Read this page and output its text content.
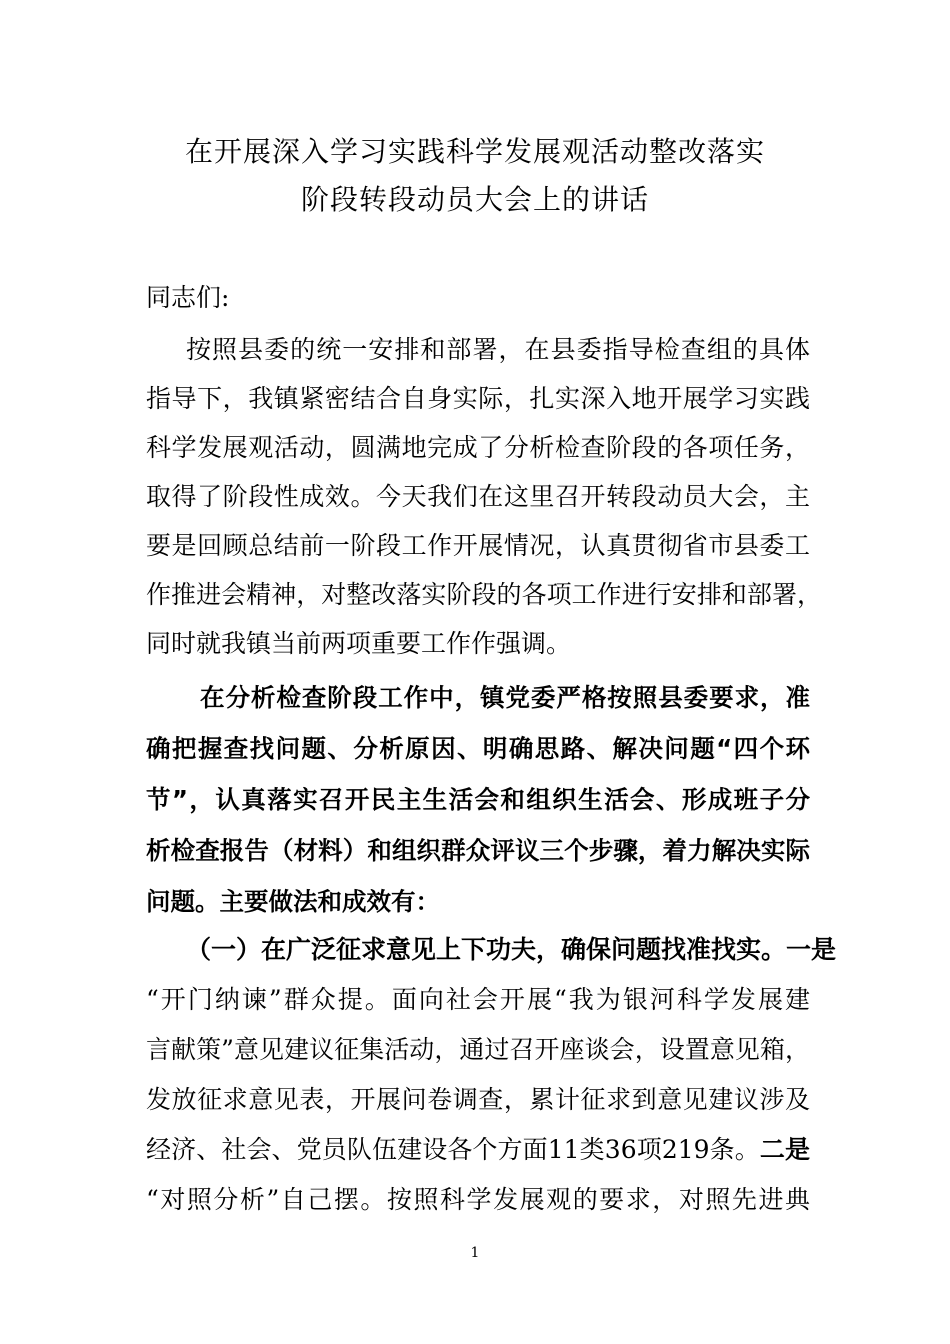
在开展深入学习实践科学发展观活动整改落实
阶段转段动员大会上的讲话
同志们:
按照县委的统一安排和部署，在县委指导检查组的具体
指导下，我镇紧密结合自身实际，扎实深入地开展学习实践
科学发展观活动，圆满地完成了分析检查阶段的各项任务，
取得了阶段性成效。今天我们在这里召开转段动员大会，主
要是回顾总结前一阶段工作开展情况，认真贯彻省市县委工
作推进会精神，对整改落实阶段的各项工作进行安排和部署，
同时就我镇当前两项重要工作作强调。
在分析检查阶段工作中，镇党委严格按照县委要求，准
确把握查找问题、分析原因、明确思路、解决问题“四个环
节”，认真落实召开民主生活会和组织生活会、形成班子分
析检查报告（材料）和组织群众评议三个步骤，着力解决实际
问题。主要做法和成效有：
（一）在广泛征求意见上下功夫，确保问题找准找实。一是
“开门纳谏”群众提。面向社会开展“我为银河科学发展建
言献策”意见建议征集活动，通过召开座谈会，设置意见箱，
发放征求意见表，开展问卷调查，累计征求到意见建议涉及
经济、社会、党员队伍建设各个方面11类36项219条。二是
“对照分析”自己摆。按照科学发展观的要求，对照先进典
1
